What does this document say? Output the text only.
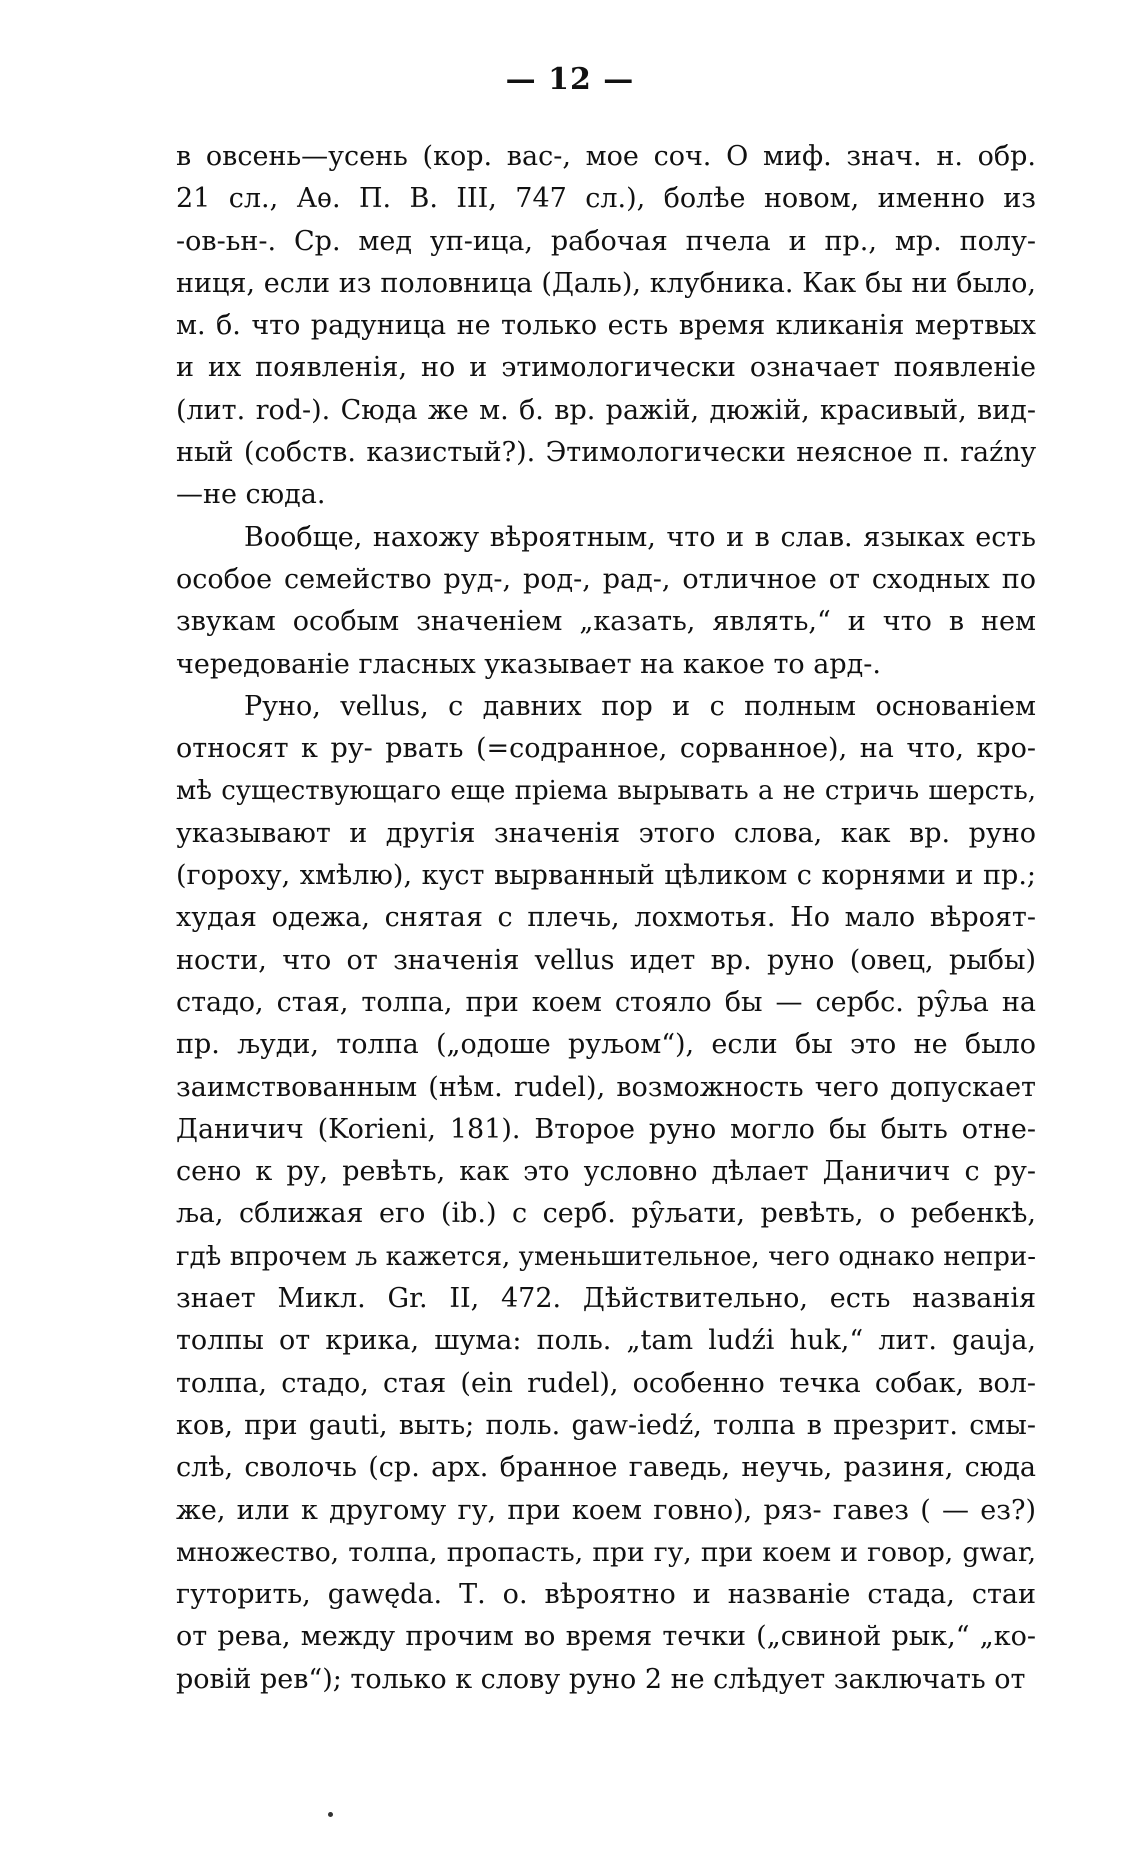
— 12 —
в овсень—усень (кор. вас-, мое соч. О миф. знач. н. обр.
21 сл., Аѳ. П. В. III, 747 сл.), болѣе новом, именно из
-ов-ьн-. Ср. мед уп-ица, рабочая пчела и пр., мр. полу-
ниця, если из половница (Даль), клубника. Как бы ни было,
м. б. что радуница не только есть время кликанія мертвых
и их появленія, но и этимологически означает появленіе
(лит. rod-). Сюда же м. б. вр. ражій, дюжій, красивый, вид-
ный (собств. казистый?). Этимологически неясное п. raźny
—не сюда.
Вообще, нахожу вѣроятным, что и в слав. языках есть
особое семейство руд-, род-, рад-, отличное от сходных по
звукам особым значеніем „казать, являть,“ и что в нем
чередованіе гласных указывает на какое то ард-.
Руно, vellus, с давних пор и с полным основаніем
относят к ру- рвать (=содранное, сорванное), на что, кро-
мѣ существующаго еще пріема вырывать а не стричь шерсть,
указывают и другія значенія этого слова, как вр. руно
(гороху, хмѣлю), куст вырванный цѣликом с корнями и пр.;
худая одежа, снятая с плечь, лохмотья. Но мало вѣроят-
ности, что от значенія vellus идет вр. руно (овец, рыбы)
стадо, стая, толпа, при коем стояло бы — сербс. ру̑ља на
пр. људи, толпа („одоше руљом“), если бы это не было
заимствованным (нѣм. rudel), возможность чего допускает
Даничич (Korieni, 181). Второе руно могло бы быть отне-
сено к ру, ревѣть, как это условно дѣлает Даничич с ру-
ља, сближая его (ib.) с серб. ру̑љати, ревѣть, о ребенкѣ,
гдѣ впрочем љ кажется, уменьшительное, чего однако непри-
знает Микл. Gr. II, 472. Дѣйствительно, есть названія
толпы от крика, шума: поль. „tam ludźi huk,“ лит. gauja,
толпа, стадо, стая (ein rudel), особенно течка собак, вол-
ков, при gauti, выть; поль. gaw-iedź, толпа в презрит. смы-
слѣ, сволочь (ср. арх. бранное гаведь, неучь, разиня, сюда
же, или к другому гу, при коем говно), ряз- гавез ( — ез?)
множество, толпа, пропасть, при гу, при коем и говор, gwar,
гуторить, gawęda. Т. о. вѣроятно и названіе стада, стаи
от рева, между прочим во время течки („свиной рык,“ „ко-
ровій рев“); только к слову руно 2 не слѣдует заключать от
